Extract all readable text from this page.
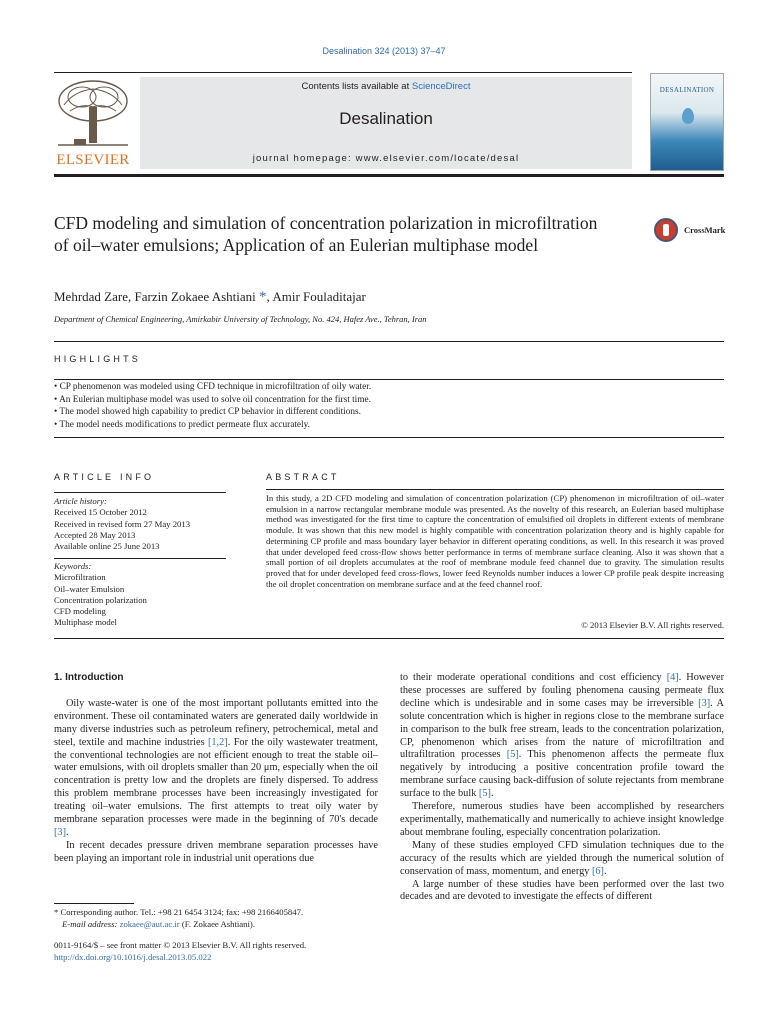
Desalination 324 (2013) 37–47
ELSEVIER
Contents lists available at ScienceDirect
Desalination
journal homepage: www.elsevier.com/locate/desal
DESALINATION
CFD modeling and simulation of concentration polarization in microfiltration of oil–water emulsions; Application of an Eulerian multiphase model
CrossMark
Mehrdad Zare, Farzin Zokaee Ashtiani *, Amir Fouladitajar
Department of Chemical Engineering, Amirkabir University of Technology, No. 424, Hafez Ave., Tehran, Iran
HIGHLIGHTS
• CP phenomenon was modeled using CFD technique in microfiltration of oily water.
• An Eulerian multiphase model was used to solve oil concentration for the first time.
• The model showed high capability to predict CP behavior in different conditions.
• The model needs modifications to predict permeate flux accurately.
ARTICLE INFO
Article history:
Received 15 October 2012
Received in revised form 27 May 2013
Accepted 28 May 2013
Available online 25 June 2013
Keywords:
Microfiltration
Oil–water Emulsion
Concentration polarization
CFD modeling
Multiphase model
ABSTRACT
In this study, a 2D CFD modeling and simulation of concentration polarization (CP) phenomenon in microfiltration of oil–water emulsion in a narrow rectangular membrane module was presented. As the novelty of this research, an Eulerian based multiphase method was investigated for the first time to capture the concentration of emulsified oil droplets in different extents of membrane module. It was shown that this new model is highly compatible with concentration polarization theory and is highly capable for determining CP profile and mass boundary layer behavior in different operating conditions, as well. In this research it was proved that under developed feed cross-flow shows better performance in terms of membrane surface cleaning. Also it was shown that a small portion of oil droplets accumulates at the roof of membrane module feed channel due to gravity. The simulation results proved that for under developed feed cross-flows, lower feed Reynolds number induces a lower CP profile peak despite increasing the oil droplet concentration on membrane surface and at the feed channel roof.
© 2013 Elsevier B.V. All rights reserved.
1. Introduction
Oily waste-water is one of the most important pollutants emitted into the environment. These oil contaminated waters are generated daily worldwide in many diverse industries such as petroleum refinery, petrochemical, metal and steel, textile and machine industries [1,2]. For the oily wastewater treatment, the conventional technologies are not efficient enough to treat the stable oil–water emulsions, with oil droplets smaller than 20 μm, especially when the oil concentration is pretty low and the droplets are finely dispersed. To address this problem membrane processes have been increasingly investigated for treating oil–water emulsions. The first attempts to treat oily water by membrane separation processes were made in the beginning of 70's decade [3].
In recent decades pressure driven membrane separation processes have been playing an important role in industrial unit operations due
to their moderate operational conditions and cost efficiency [4]. However these processes are suffered by fouling phenomena causing permeate flux decline which is undesirable and in some cases may be irreversible [3]. A solute concentration which is higher in regions close to the membrane surface in comparison to the bulk free stream, leads to the concentration polarization, CP, phenomenon which arises from the nature of microfiltration and ultrafiltration processes [5]. This phenomenon affects the permeate flux negatively by introducing a positive concentration profile toward the membrane surface causing back-diffusion of solute rejectants from membrane surface to the bulk [5].
Therefore, numerous studies have been accomplished by researchers experimentally, mathematically and numerically to achieve insight knowledge about membrane fouling, especially concentration polarization.
Many of these studies employed CFD simulation techniques due to the accuracy of the results which are yielded through the numerical solution of conservation of mass, momentum, and energy [6].
A large number of these studies have been performed over the last two decades and are devoted to investigate the effects of different
* Corresponding author. Tel.: +98 21 6454 3124; fax: +98 2166405847.
E-mail address: zokaee@aut.ac.ir (F. Zokaee Ashtiani).
0011-9164/$ – see front matter © 2013 Elsevier B.V. All rights reserved.
http://dx.doi.org/10.1016/j.desal.2013.05.022
